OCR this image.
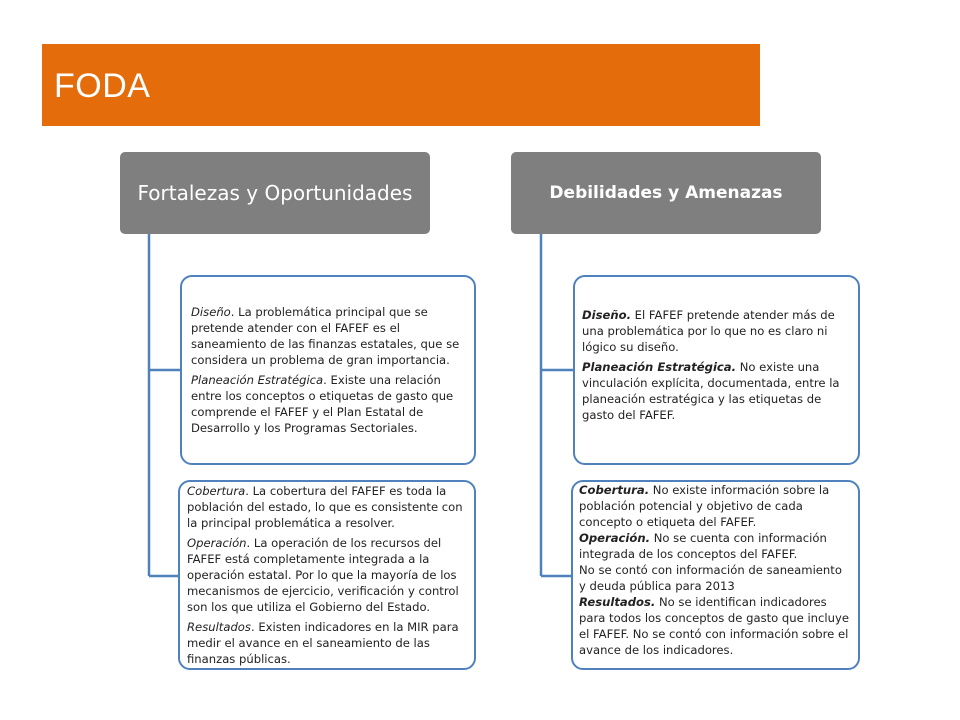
FODA
Fortalezas y Oportunidades	Debilidades y Amenazas

Diseño. La problemática principal que se pretende atender con el FAFEF es el saneamiento de las finanzas estatales, que se considera un problema de gran importancia.

Planeación Estratégica. Existe una relación entre los conceptos o etiquetas de gasto que comprende el FAFEF y el Plan Estatal de Desarrollo y los Programas Sectoriales.

Cobertura. La cobertura del FAFEF es toda la población del estado, lo que es consistente con la principal problemática a resolver.

Operación. La operación de los recursos del FAFEF está completamente integrada a la operación estatal. Por lo que la mayoría de los mecanismos de ejercicio, verificación y control son los que utiliza el Gobierno del Estado.

Resultados. Existen indicadores en la MIR para medir el avance en el saneamiento de las finanzas públicas.

Diseño. El FAFEF pretende atender más de una problemática por lo que no es claro ni lógico su diseño.

Planeación Estratégica. No existe una vinculación explícita, documentada, entre la planeación estratégica y las etiquetas de gasto del FAFEF.

Cobertura. No existe información sobre la población potencial y objetivo de cada concepto o etiqueta del FAFEF.
Operación. No se cuenta con información integrada de los conceptos del FAFEF.
No se contó con información de saneamiento y deuda pública para 2013
Resultados. No se identifican indicadores para todos los conceptos de gasto que incluye el FAFEF. No se contó con información sobre el avance de los indicadores.
